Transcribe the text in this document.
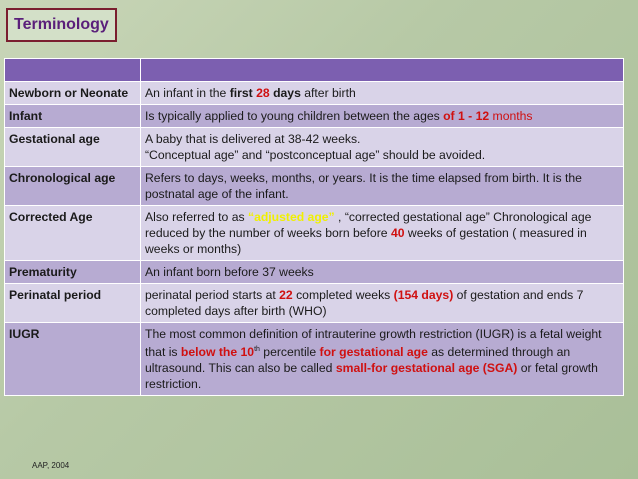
Terminology

Newborn or Neonate	An infant in the first 28 days after birth
Infant	Is typically applied to young children between the ages of 1 - 12 months
Gestational age	A baby that is delivered at 38-42 weeks.
“Conceptual age” and “postconceptual age” should be avoided.
Chronological age	Refers to days, weeks, months, or years. It is the time elapsed from birth. It is the postnatal age of the infant.
Corrected Age	Also referred to as “adjusted age” , “corrected gestational age” Chronological age reduced by the number of weeks born before 40 weeks of gestation ( measured in weeks or months)
Prematurity	An infant born before 37 weeks
Perinatal period	perinatal period starts at 22 completed weeks (154 days) of gestation and ends 7 completed days after birth (WHO)
IUGR	The most common definition of intrauterine growth restriction (IUGR) is a fetal weight that is below the 10th percentile for gestational age as determined through an ultrasound. This can also be called small-for gestational age (SGA) or fetal growth restriction.
AAP, 2004
